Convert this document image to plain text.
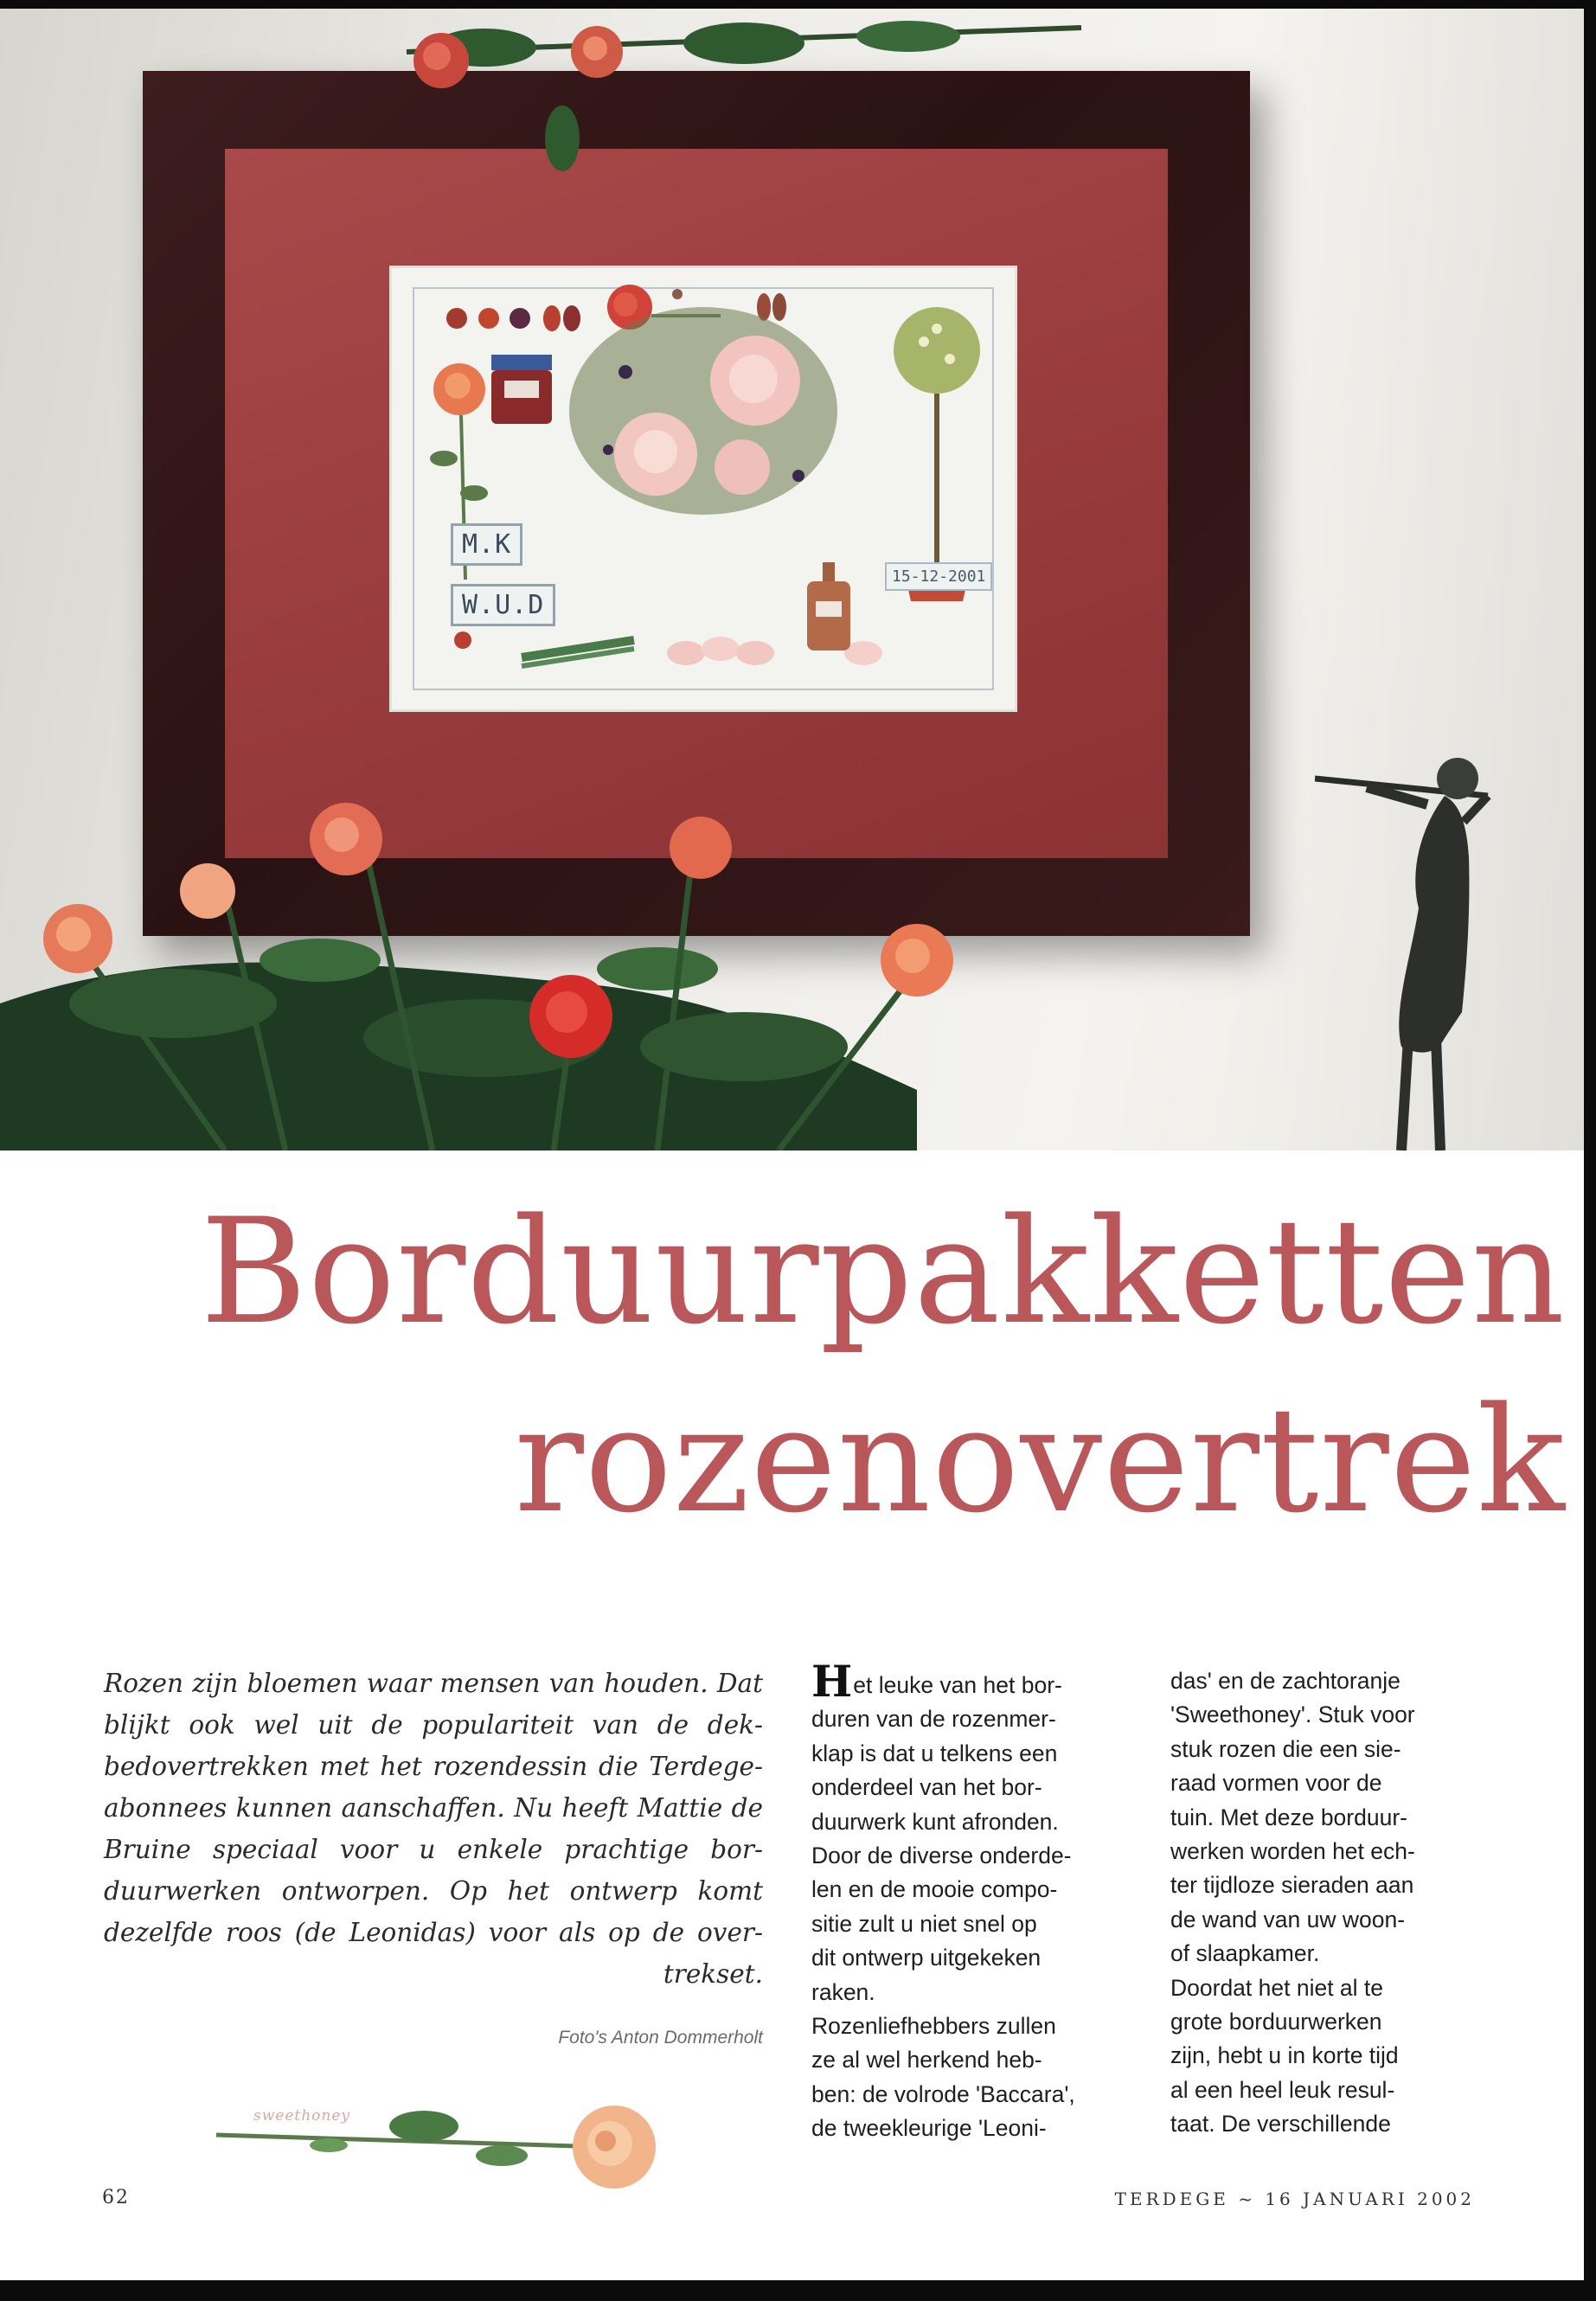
M.K
W.U.D
15-12-2001
Borduurpakketten
rozenovertrek
Rozen zijn bloemen waar mensen van houden. Dat blijkt ook wel uit de populariteit van de dekbedovertrekken met het rozendessin die Terdegeabonnees kunnen aanschaffen. Nu heeft Mattie de Bruine speciaal voor u enkele prachtige borduurwerken ontworpen. Op het ontwerp komt dezelfde roos (de Leonidas) voor als op de overtrekset.
Foto's Anton Dommerholt
sweethoney

Het leuke van het bor-

duren van de rozenmer-

klap is dat u telkens een

onderdeel van het bor-

duurwerk kunt afronden.

Door de diverse onderde-

len en de mooie compo-

sitie zult u niet snel op

dit ontwerp uitgekeken

raken.

Rozenliefhebbers zullen

ze al wel herkend heb-

ben: de volrode 'Baccara',

de tweekleurige 'Leoni-

das' en de zachtoranje

'Sweethoney'. Stuk voor

stuk rozen die een sie-

raad vormen voor de

tuin. Met deze borduur-

werken worden het ech-

ter tijdloze sieraden aan

de wand van uw woon-

of slaapkamer.

Doordat het niet al te

grote borduurwerken

zijn, hebt u in korte tijd

al een heel leuk resul-

taat. De verschillende

62	TERDEGE ~ 16 JANUARI 2002
